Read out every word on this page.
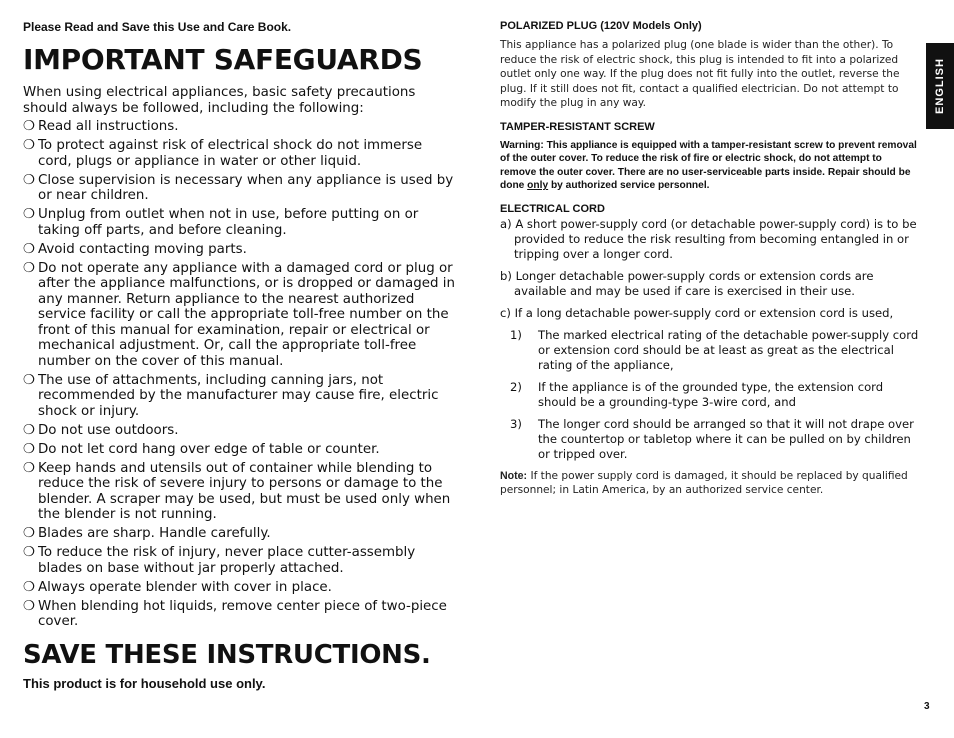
Please Read and Save this Use and Care Book.

IMPORTANT SAFEGUARDS

When using electrical appliances, basic safety precautions should always be followed, including the following:

❍ Read all instructions.
❍ To protect against risk of electrical shock do not immerse cord, plugs or appliance in water or other liquid.
❍ Close supervision is necessary when any appliance is used by or near children.
❍ Unplug from outlet when not in use, before putting on or taking off parts, and before cleaning.
❍ Avoid contacting moving parts.
❍ Do not operate any appliance with a damaged cord or plug or after the appliance malfunctions, or is dropped or damaged in any manner. Return appliance to the nearest authorized service facility or call the appropriate toll-free number on the front of this manual for examination, repair or electrical or mechanical adjustment. Or, call the appropriate toll-free number on the cover of this manual.
❍ The use of attachments, including canning jars, not recommended by the manufacturer may cause fire, electric shock or injury.
❍ Do not use outdoors.
❍ Do not let cord hang over edge of table or counter.
❍ Keep hands and utensils out of container while blending to reduce the risk of severe injury to persons or damage to the blender. A scraper may be used, but must be used only when the blender is not running.
❍ Blades are sharp. Handle carefully.
❍ To reduce the risk of injury, never place cutter-assembly blades on base without jar properly attached.
❍ Always operate blender with cover in place.
❍ When blending hot liquids, remove center piece of two-piece cover.
SAVE THESE INSTRUCTIONS.

This product is for household use only.

POLARIZED PLUG (120V Models Only)

This appliance has a polarized plug (one blade is wider than the other). To reduce the risk of electric shock, this plug is intended to fit into a polarized outlet only one way. If the plug does not fit fully into the outlet, reverse the plug. If it still does not fit, contact a qualified electrician. Do not attempt to modify the plug in any way.

TAMPER-RESISTANT SCREW

Warning: This appliance is equipped with a tamper-resistant screw to prevent removal of the outer cover. To reduce the risk of fire or electric shock, do not attempt to remove the outer cover. There are no user-serviceable parts inside. Repair should be done only by authorized service personnel.

ELECTRICAL CORD

a) A short power-supply cord (or detachable power-supply cord) is to be provided to reduce the risk resulting from becoming entangled in or tripping over a longer cord.

b) Longer detachable power-supply cords or extension cords are available and may be used if care is exercised in their use.

c) If a long detachable power-supply cord or extension cord is used,

1) The marked electrical rating of the detachable power-supply cord or extension cord should be at least as great as the electrical rating of the appliance,
2) If the appliance is of the grounded type, the extension cord should be a grounding-type 3-wire cord, and
3) The longer cord should be arranged so that it will not drape over the countertop or tabletop where it can be pulled on by children or tripped over.

Note: If the power supply cord is damaged, it should be replaced by qualified personnel; in Latin America, by an authorized service center.

ENGLISH
3
